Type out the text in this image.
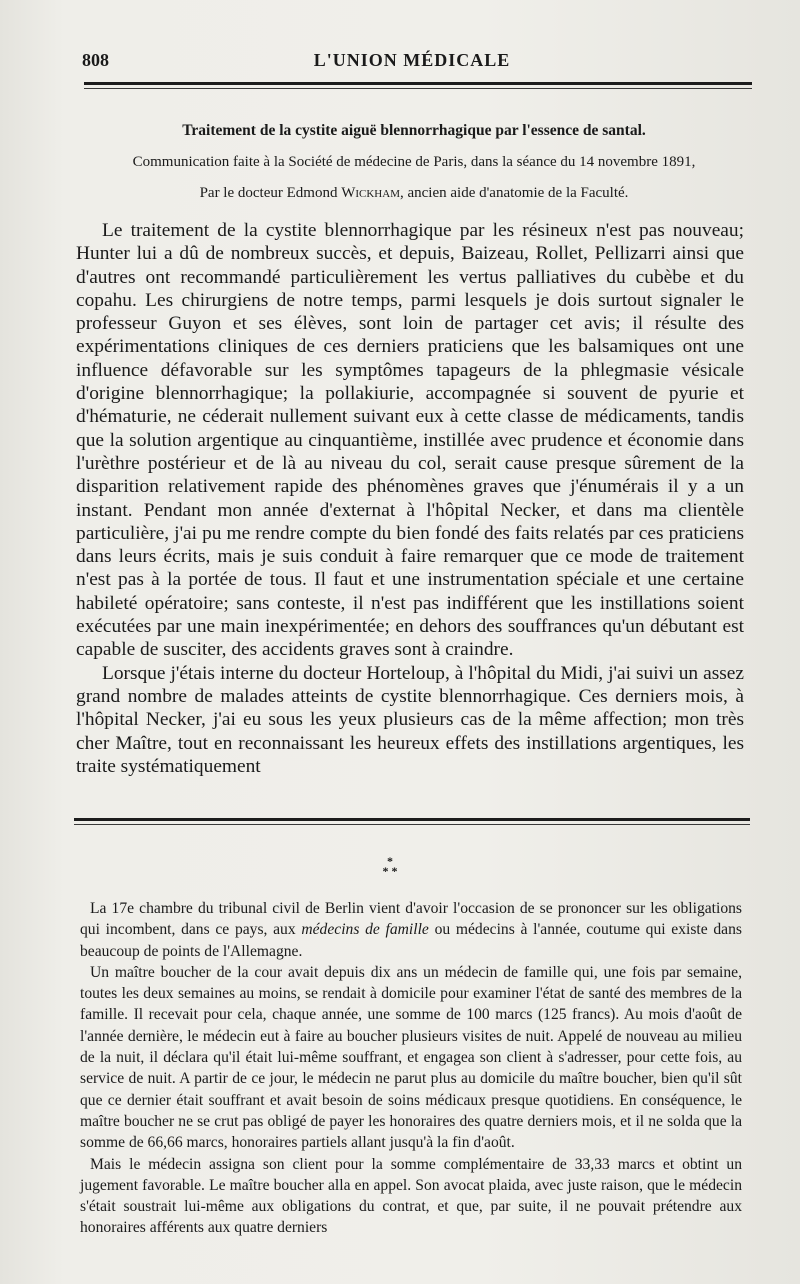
808	L'UNION MÉDICALE
Traitement de la cystite aiguë blennorrhagique par l'essence de santal.
Communication faite à la Société de médecine de Paris, dans la séance du 14 novembre 1891,
Par le docteur Edmond Wickham, ancien aide d'anatomie de la Faculté.

Le traitement de la cystite blennorrhagique par les résineux n'est pas nouveau; Hunter lui a dû de nombreux succès, et depuis, Baizeau, Rollet, Pellizarri ainsi que d'autres ont recommandé particulièrement les vertus palliatives du cubèbe et du copahu. Les chirurgiens de notre temps, parmi lesquels je dois surtout signaler le professeur Guyon et ses élèves, sont loin de partager cet avis; il résulte des expérimentations cliniques de ces derniers praticiens que les balsamiques ont une influence défavorable sur les symptômes tapageurs de la phlegmasie vésicale d'origine blennorrhagique; la pollakiurie, accompagnée si souvent de pyurie et d'hématurie, ne céderait nullement suivant eux à cette classe de médicaments, tandis que la solution argentique au cinquantième, instillée avec prudence et économie dans l'urèthre postérieur et de là au niveau du col, serait cause presque sûrement de la disparition relativement rapide des phénomènes graves que j'énumérais il y a un instant. Pendant mon année d'externat à l'hôpital Necker, et dans ma clientèle particulière, j'ai pu me rendre compte du bien fondé des faits relatés par ces praticiens dans leurs écrits, mais je suis conduit à faire remarquer que ce mode de traitement n'est pas à la portée de tous. Il faut et une instrumentation spéciale et une certaine habileté opératoire; sans conteste, il n'est pas indifférent que les instillations soient exécutées par une main inexpérimentée; en dehors des souffrances qu'un débutant est capable de susciter, des accidents graves sont à craindre.

Lorsque j'étais interne du docteur Horteloup, à l'hôpital du Midi, j'ai suivi un assez grand nombre de malades atteints de cystite blennorrhagique. Ces derniers mois, à l'hôpital Necker, j'ai eu sous les yeux plusieurs cas de la même affection; mon très cher Maître, tout en reconnaissant les heureux effets des instillations argentiques, les traite systématiquement

*
* *

La 17e chambre du tribunal civil de Berlin vient d'avoir l'occasion de se prononcer sur les obligations qui incombent, dans ce pays, aux médecins de famille ou médecins à l'année, coutume qui existe dans beaucoup de points de l'Allemagne.

Un maître boucher de la cour avait depuis dix ans un médecin de famille qui, une fois par semaine, toutes les deux semaines au moins, se rendait à domicile pour examiner l'état de santé des membres de la famille. Il recevait pour cela, chaque année, une somme de 100 marcs (125 francs). Au mois d'août de l'année dernière, le médecin eut à faire au boucher plusieurs visites de nuit. Appelé de nouveau au milieu de la nuit, il déclara qu'il était lui-même souffrant, et engagea son client à s'adresser, pour cette fois, au service de nuit. A partir de ce jour, le médecin ne parut plus au domicile du maître boucher, bien qu'il sût que ce dernier était souffrant et avait besoin de soins médicaux presque quotidiens. En conséquence, le maître boucher ne se crut pas obligé de payer les honoraires des quatre derniers mois, et il ne solda que la somme de 66,66 marcs, honoraires partiels allant jusqu'à la fin d'août.

Mais le médecin assigna son client pour la somme complémentaire de 33,33 marcs et obtint un jugement favorable. Le maître boucher alla en appel. Son avocat plaida, avec juste raison, que le médecin s'était soustrait lui-même aux obligations du contrat, et que, par suite, il ne pouvait prétendre aux honoraires afférents aux quatre derniers
